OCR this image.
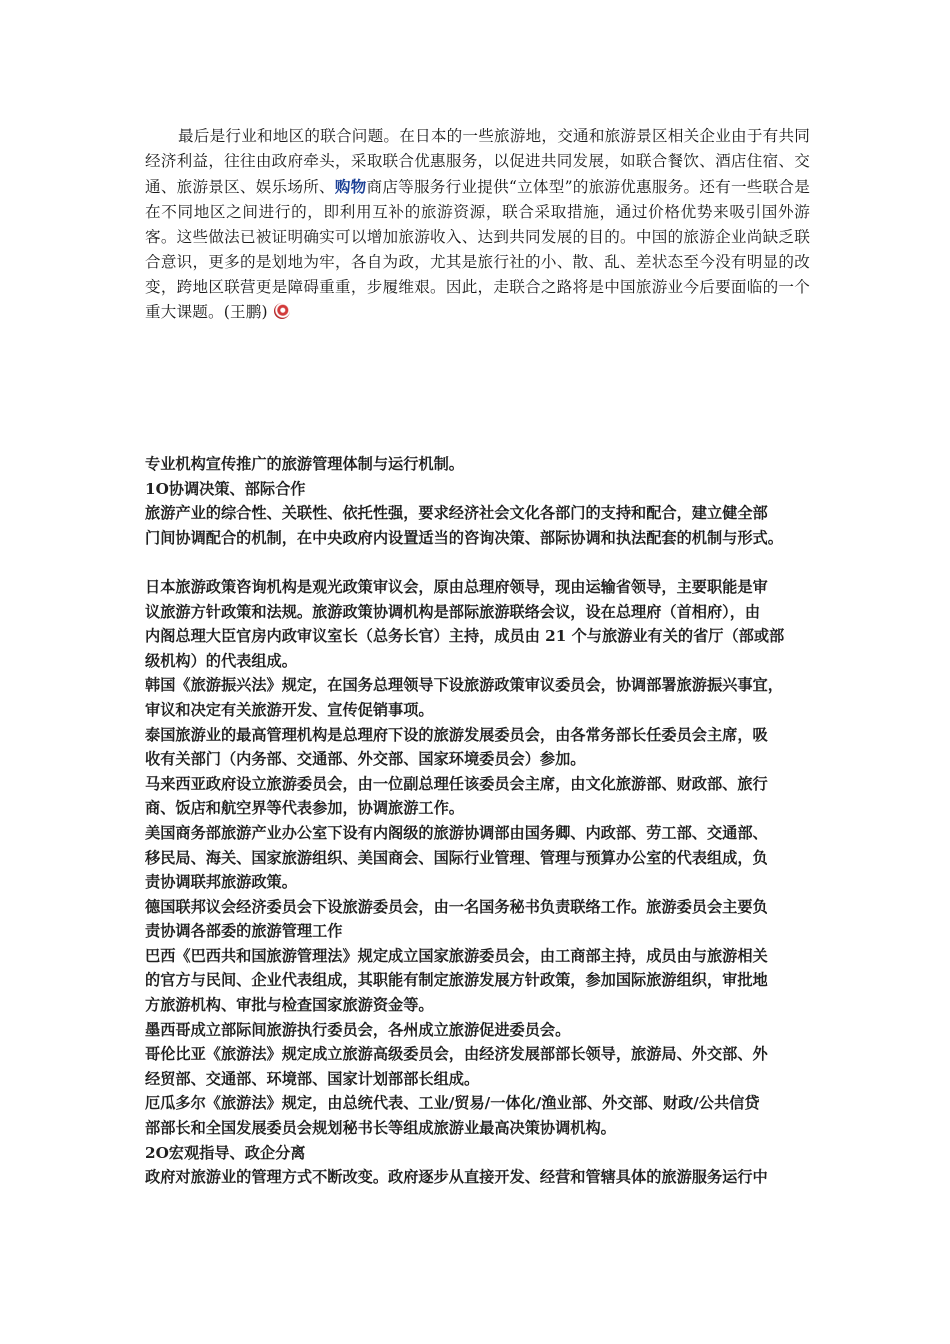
最后是行业和地区的联合问题。在日本的一些旅游地，交通和旅游景区相关企业由于有共同经济利益，往往由政府牵头，采取联合优惠服务，以促进共同发展，如联合餐饮、酒店住宿、交通、旅游景区、娱乐场所、购物商店等服务行业提供“立体型”的旅游优惠服务。还有一些联合是在不同地区之间进行的，即利用互补的旅游资源，联合采取措施，通过价格优势来吸引国外游客。这些做法已被证明确实可以增加旅游收入、达到共同发展的目的。中国的旅游企业尚缺乏联合意识，更多的是划地为牢，各自为政，尤其是旅行社的小、散、乱、差状态至今没有明显的改变，跨地区联营更是障碍重重，步履维艰。因此，走联合之路将是中国旅游业今后要面临的一个重大课题。(王鹏)

专业机构宣传推广的旅游管理体制与运行机制。

1O协调决策、部际合作

旅游产业的综合性、关联性、依托性强，要求经济社会文化各部门的支持和配合，建立健全部

门间协调配合的机制，在中央政府内设置适当的咨询决策、部际协调和执法配套的机制与形式。

日本旅游政策咨询机构是观光政策审议会，原由总理府领导，现由运输省领导，主要职能是审

议旅游方针政策和法规。旅游政策协调机构是部际旅游联络会议，设在总理府（首相府），由

内阁总理大臣官房内政审议室长（总务长官）主持，成员由 21 个与旅游业有关的省厅（部或部

级机构）的代表组成。

韩国《旅游振兴法》规定，在国务总理领导下设旅游政策审议委员会，协调部署旅游振兴事宜，

审议和决定有关旅游开发、宣传促销事项。

泰国旅游业的最高管理机构是总理府下设的旅游发展委员会，由各常务部长任委员会主席，吸

收有关部门（内务部、交通部、外交部、国家环境委员会）参加。

马来西亚政府设立旅游委员会，由一位副总理任该委员会主席，由文化旅游部、财政部、旅行

商、饭店和航空界等代表参加，协调旅游工作。

美国商务部旅游产业办公室下设有内阁级的旅游协调部由国务卿、内政部、劳工部、交通部、

移民局、海关、国家旅游组织、美国商会、国际行业管理、管理与预算办公室的代表组成，负

责协调联邦旅游政策。

德国联邦议会经济委员会下设旅游委员会，由一名国务秘书负责联络工作。旅游委员会主要负

责协调各部委的旅游管理工作

巴西《巴西共和国旅游管理法》规定成立国家旅游委员会，由工商部主持，成员由与旅游相关

的官方与民间、企业代表组成，其职能有制定旅游发展方针政策，参加国际旅游组织，审批地

方旅游机构、审批与检查国家旅游资金等。

墨西哥成立部际间旅游执行委员会，各州成立旅游促进委员会。

哥伦比亚《旅游法》规定成立旅游高级委员会，由经济发展部部长领导，旅游局、外交部、外

经贸部、交通部、环境部、国家计划部部长组成。

厄瓜多尔《旅游法》规定，由总统代表、工业/贸易/一体化/渔业部、外交部、财政/公共信贷

部部长和全国发展委员会规划秘书长等组成旅游业最高决策协调机构。

2O宏观指导、政企分离

政府对旅游业的管理方式不断改变。政府逐步从直接开发、经营和管辖具体的旅游服务运行中
